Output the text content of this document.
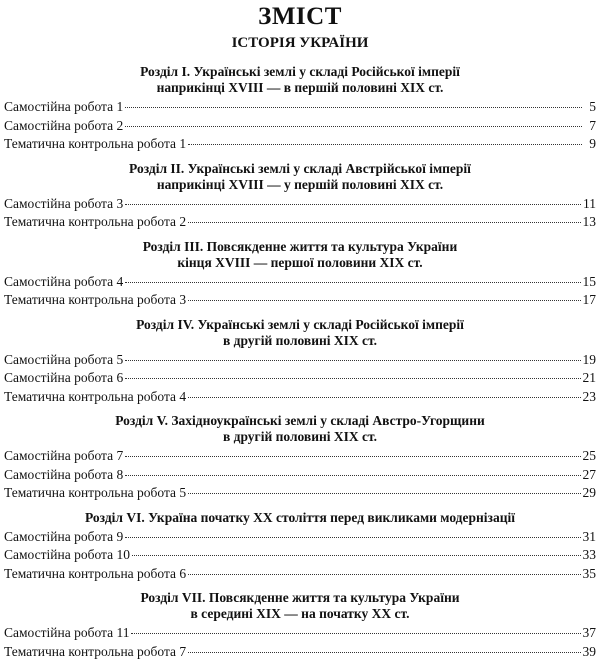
ЗМІСТ
ІСТОРІЯ УКРАЇНИ
Розділ І. Українські землі у складі Російської імперії
наприкінці XVIII — в першій половині XIX ст.
Самостійна робота 1	5
Самостійна робота 2	7
Тематична контрольна робота 1	9
Розділ ІІ. Українські землі у складі Австрійської імперії
наприкінці XVIII — у першій половині XIX ст.
Самостійна робота 3	11
Тематична контрольна робота 2	13
Розділ ІІІ. Повсякденне життя та культура України
кінця XVIII — першої половини XIX ст.
Самостійна робота 4	15
Тематична контрольна робота 3	17
Розділ IV. Українські землі у складі Російської імперії
в другій половині XIX ст.
Самостійна робота 5	19
Самостійна робота 6	21
Тематична контрольна робота 4	23
Розділ V. Західноукраїнські землі у складі Австро-Угорщини
в другій половині XIX ст.
Самостійна робота 7	25
Самостійна робота 8	27
Тематична контрольна робота 5	29
Розділ VI. Україна початку XX століття перед викликами модернізації
Самостійна робота 9	31
Самостійна робота 10	33
Тематична контрольна робота 6	35
Розділ VII. Повсякденне життя та культура України
в середині XIX — на початку XX ст.
Самостійна робота 11	37
Тематична контрольна робота 7	39
